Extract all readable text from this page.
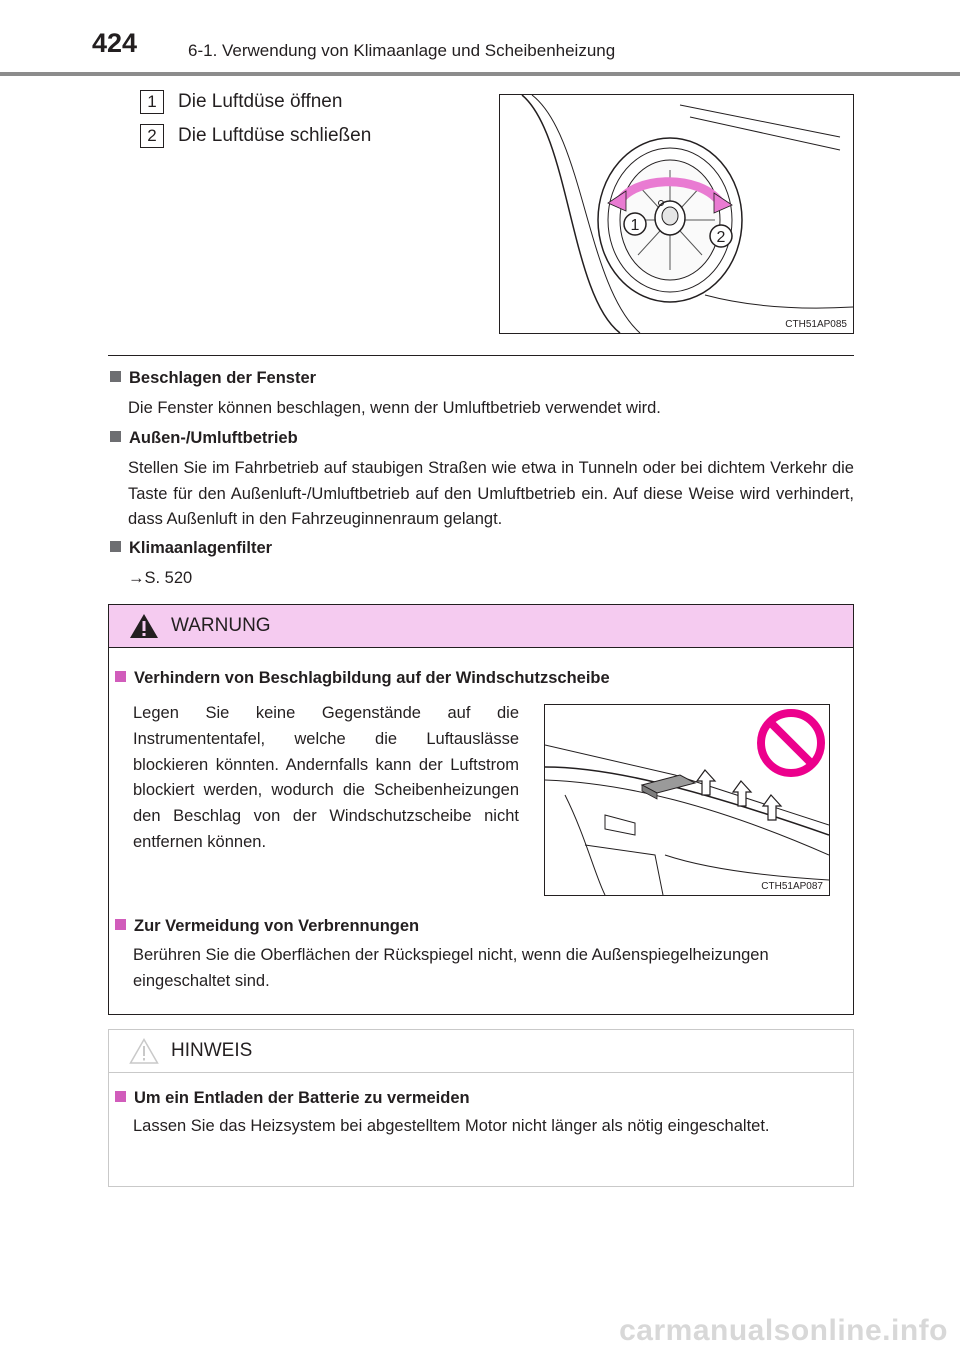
424	6-1. Verwendung von Klimaanlage und Scheibenheizung
1	Die Luftdüse öffnen
2	Die Luftdüse schließen
1
2
CTH51AP085
Beschlagen der Fenster
Die Fenster können beschlagen, wenn der Umluftbetrieb verwendet wird.
Außen-/Umluftbetrieb
Stellen Sie im Fahrbetrieb auf staubigen Straßen wie etwa in Tunneln oder bei dichtem Verkehr die Taste für den Außenluft-/Umluftbetrieb auf den Umluftbetrieb ein. Auf diese Weise wird verhindert, dass Außenluft in den Fahrzeuginnenraum gelangt.
Klimaanlagenfilter
→S. 520
WARNUNG
Verhindern von Beschlagbildung auf der Windschutzscheibe
Legen Sie keine Gegenstände auf die Instrumententafel, welche die Luftauslässe blockieren könnten. Andernfalls kann der Luftstrom blockiert werden, wodurch die Scheibenheizungen den Beschlag von der Windschutzscheibe nicht entfernen können.
CTH51AP087
Zur Vermeidung von Verbrennungen
Berühren Sie die Oberflächen der Rückspiegel nicht, wenn die Außenspiegelheizungen eingeschaltet sind.
HINWEIS
Um ein Entladen der Batterie zu vermeiden
Lassen Sie das Heizsystem bei abgestelltem Motor nicht länger als nötig eingeschaltet.
carmanualsonline.info
